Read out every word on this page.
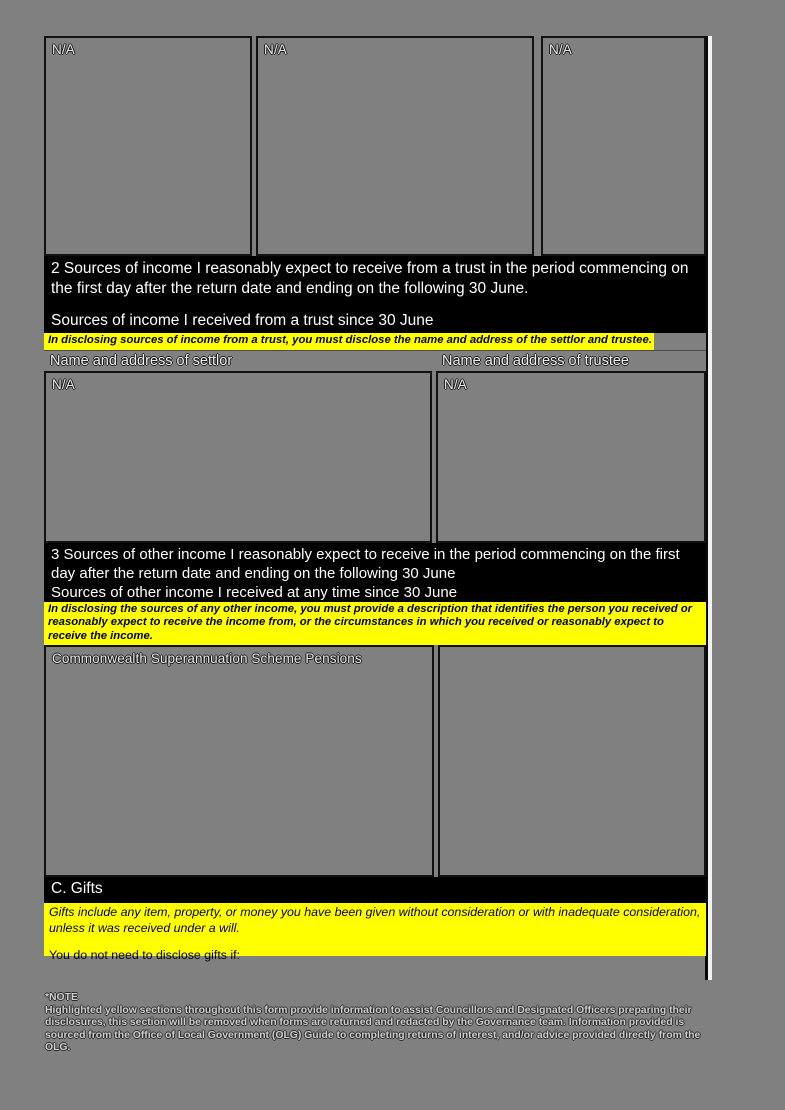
N/A	N/A	N/A

2 Sources of income I reasonably expect to receive from a trust in the period commencing on the first day after the return date and ending on the following 30 June.

Sources of income I received from a trust since 30 June

In disclosing sources of income from a trust, you must disclose the name and address of the settlor and trustee.
Name and address of settlor	Name and address of trustee
N/A	N/A

3 Sources of other income I reasonably expect to receive in the period commencing on the first day after the return date and ending on the following 30 June

Sources of other income I received at any time since 30 June

In disclosing the sources of any other income, you must provide a description that identifies the person you received or reasonably expect to receive the income from, or the circumstances in which you received or reasonably expect to receive the income.
Commonwealth Superannuation Scheme Pensions

C. Gifts

Gifts include any item, property, or money you have been given without consideration or with inadequate consideration, unless it was received under a will.
You do not need to disclose gifts if:
*NOTE
Highlighted yellow sections throughout this form provide information to assist Councillors and Designated Officers preparing their disclosures, this section will be removed when forms are returned and redacted by the Governance team. Information provided is sourced from the Office of Local Government (OLG) Guide to completing returns of interest, and/or advice provided directly from the OLG.
